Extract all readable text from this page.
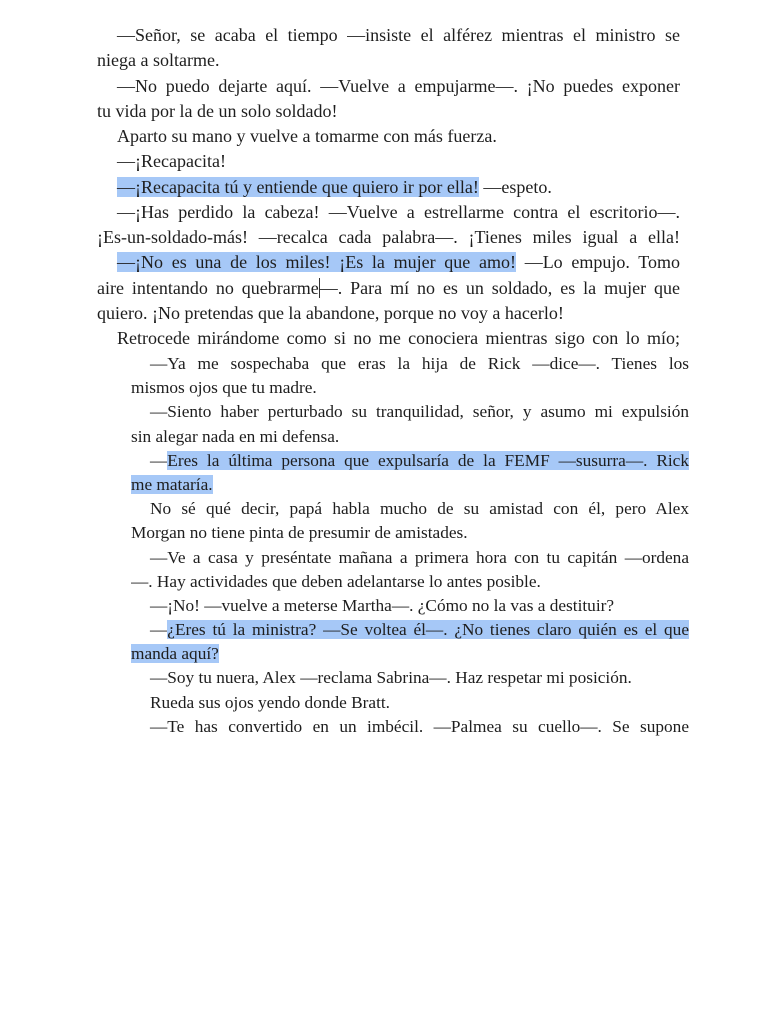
—Señor, se acaba el tiempo —insiste el alférez mientras el ministro se
niega a soltarme.
—No puedo dejarte aquí. —Vuelve a empujarme—. ¡No puedes exponer
tu vida por la de un solo soldado!
Aparto su mano y vuelve a tomarme con más fuerza.
—¡Recapacita!
—¡Recapacita tú y entiende que quiero ir por ella! —espeto.
—¡Has perdido la cabeza! —Vuelve a estrellarme contra el escritorio—.
¡Es-un-soldado-más! —recalca cada palabra—. ¡Tienes miles igual a ella!
—¡No es una de los miles! ¡Es la mujer que amo! —Lo empujo. Tomo
aire intentando no quebrarme—. Para mí no es un soldado, es la mujer que
quiero. ¡No pretendas que la abandone, porque no voy a hacerlo!
Retrocede mirándome como si no me conociera mientras sigo con lo mío;
—Ya me sospechaba que eras la hija de Rick —dice—. Tienes los
mismos ojos que tu madre.
—Siento haber perturbado su tranquilidad, señor, y asumo mi expulsión
sin alegar nada en mi defensa.
—Eres la última persona que expulsaría de la FEMF —susurra—. Rick
me mataría.
No sé qué decir, papá habla mucho de su amistad con él, pero Alex
Morgan no tiene pinta de presumir de amistades.
—Ve a casa y preséntate mañana a primera hora con tu capitán —ordena
—. Hay actividades que deben adelantarse lo antes posible.
—¡No! —vuelve a meterse Martha—. ¿Cómo no la vas a destituir?
—¿Eres tú la ministra? —Se voltea él—. ¿No tienes claro quién es el que
manda aquí?
—Soy tu nuera, Alex —reclama Sabrina—. Haz respetar mi posición.
Rueda sus ojos yendo donde Bratt.
—Te has convertido en un imbécil. —Palmea su cuello—. Se supone
